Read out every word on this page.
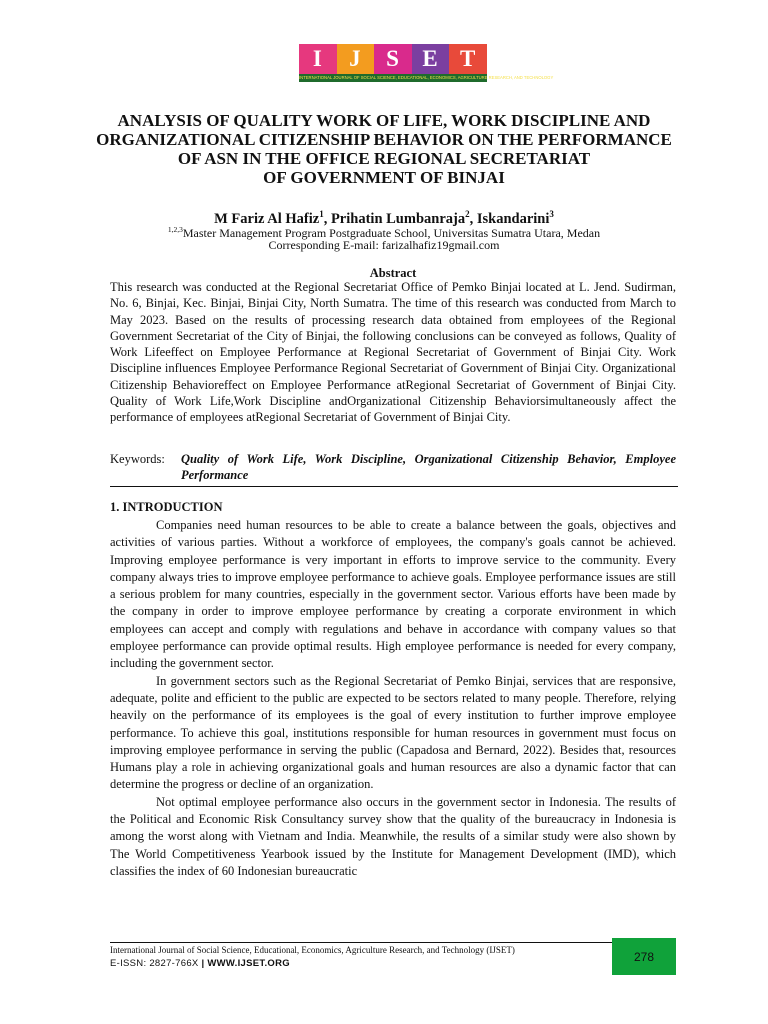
I	J	S E T
INTERNATIONAL JOURNAL OF SOCIAL SCIENCE, EDUCATIONAL, ECONOMICS, AGRICULTURE RESEARCH, AND TECHNOLOGY
ANALYSIS OF QUALITY WORK OF LIFE, WORK DISCIPLINE AND
ORGANIZATIONAL CITIZENSHIP BEHAVIOR ON THE PERFORMANCE
OF ASN IN THE OFFICE REGIONAL SECRETARIAT
OF GOVERNMENT OF BINJAI
M Fariz Al Hafiz$^1$, Prihatin Lumbanraja$^2$, Iskandarini$^3$
$^{1,2,3}$Master Management Program Postgraduate School, Universitas Sumatra Utara, Medan
Corresponding E-mail: farizalhafiz19gmail.com
Abstract

This research was conducted at the Regional Secretariat Office of Pemko Binjai located at L. Jend. Sudirman, No. 6, Binjai, Kec. Binjai, Binjai City, North Sumatra. The time of this research was conducted from March to May 2023. Based on the results of processing research data obtained from employees of the Regional Government Secretariat of the City of Binjai, the following conclusions can be conveyed as follows, Quality of Work Lifeeffect on Employee Performance at Regional Secretariat of Government of Binjai City. Work Discipline influences Employee Performance Regional Secretariat of Government of Binjai City. Organizational Citizenship Behavioreffect on Employee Performance atRegional Secretariat of Government of Binjai City. Quality of Work Life,Work Discipline andOrganizational Citizenship Behaviorsimultaneously affect the performance of employees atRegional Secretariat of Government of Binjai City.

Keywords:	Quality of Work Life, Work Discipline, Organizational Citizenship Behavior, Employee Performance
1. INTRODUCTION

Companies need human resources to be able to create a balance between the goals, objectives and activities of various parties. Without a workforce of employees, the company's goals cannot be achieved. Improving employee performance is very important in efforts to improve service to the community. Every company always tries to improve employee performance to achieve goals. Employee performance issues are still a serious problem for many countries, especially in the government sector. Various efforts have been made by the company in order to improve employee performance by creating a corporate environment in which employees can accept and comply with regulations and behave in accordance with company values so that employee performance can provide optimal results. High employee performance is needed for every company, including the government sector.

In government sectors such as the Regional Secretariat of Pemko Binjai, services that are responsive, adequate, polite and efficient to the public are expected to be sectors related to many people. Therefore, relying heavily on the performance of its employees is the goal of every institution to further improve employee performance. To achieve this goal, institutions responsible for human resources in government must focus on improving employee performance in serving the public (Capadosa and Bernard, 2022). Besides that, resources Humans play a role in achieving organizational goals and human resources are also a dynamic factor that can determine the progress or decline of an organization.

Not optimal employee performance also occurs in the government sector in Indonesia. The results of the Political and Economic Risk Consultancy survey show that the quality of the bureaucracy in Indonesia is among the worst along with Vietnam and India. Meanwhile, the results of a similar study were also shown by The World Competitiveness Yearbook issued by the Institute for Management Development (IMD), which classifies the index of 60 Indonesian bureaucratic

International Journal of Social Science, Educational, Economics, Agriculture Research, and Technology (IJSET)
E-ISSN: 2827-766X | WWW.IJSET.ORG	278
